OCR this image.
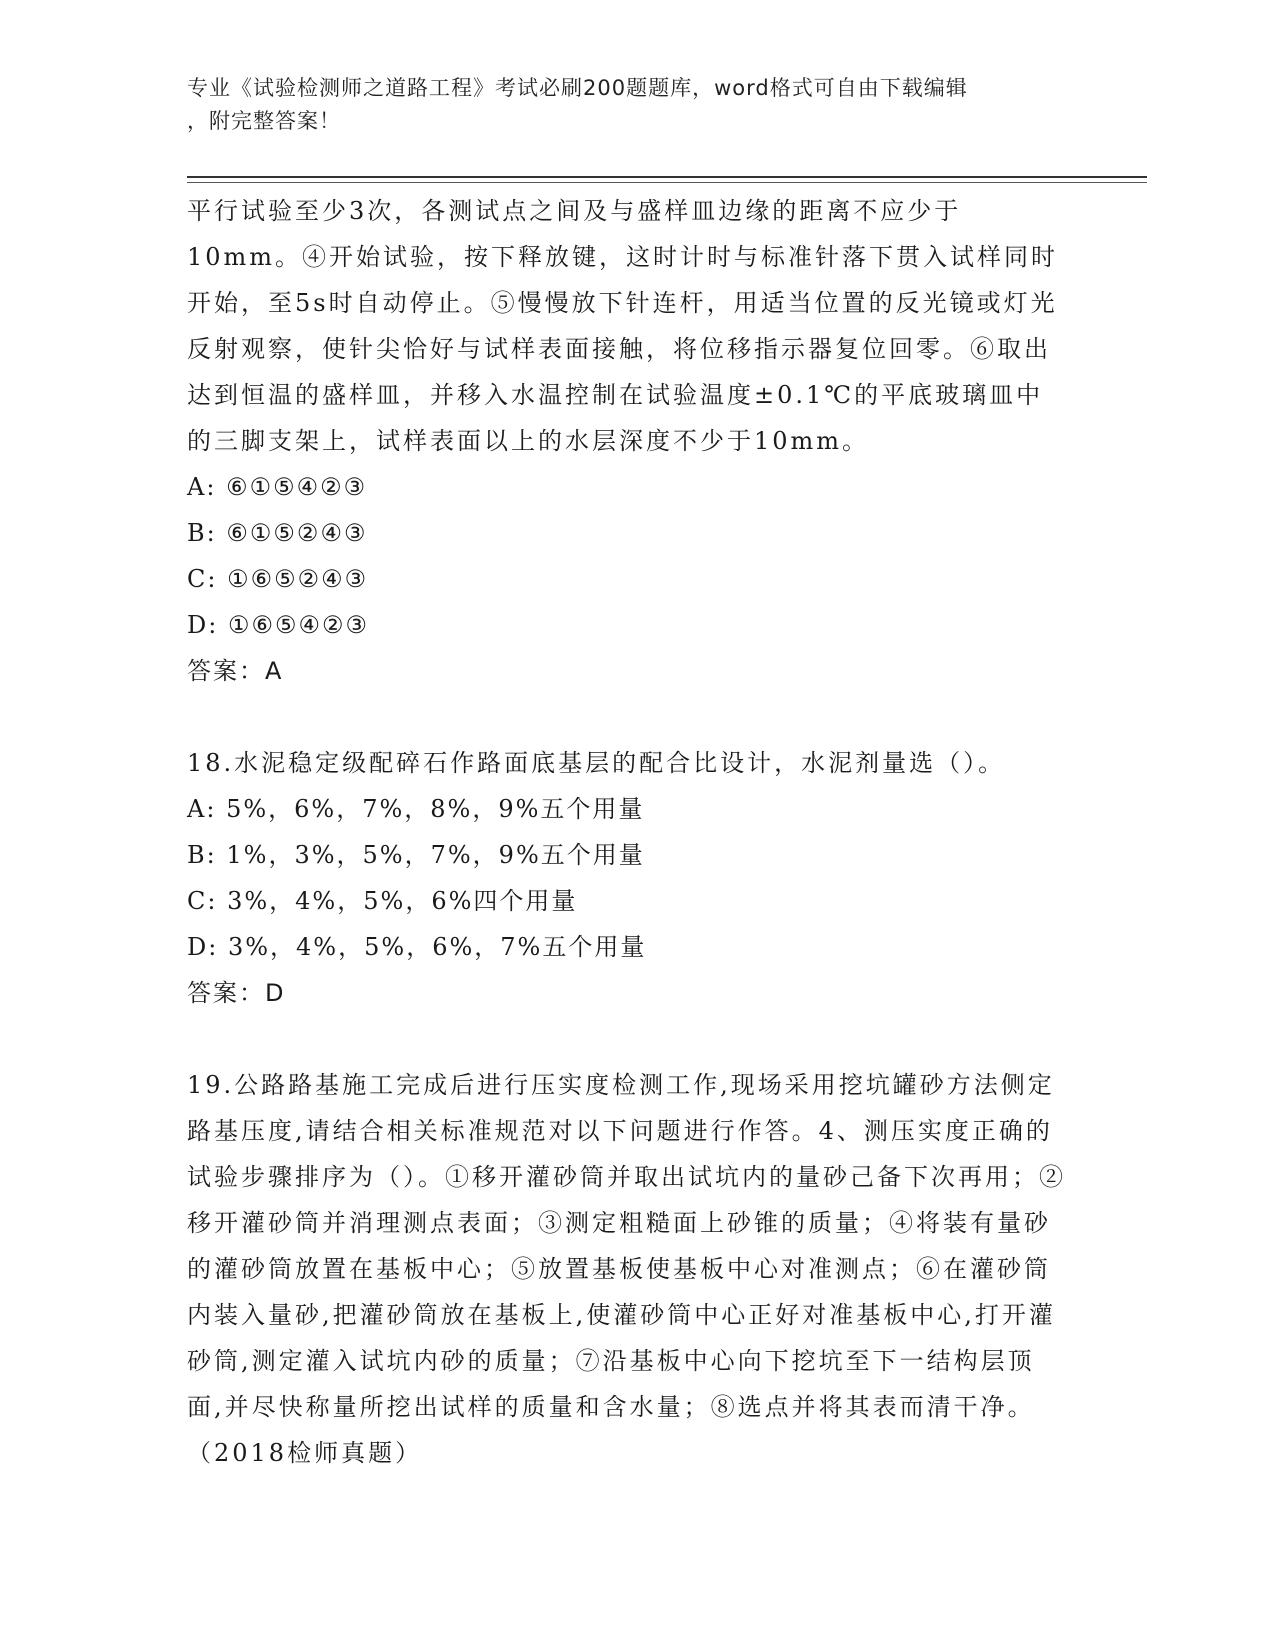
专业《试验检测师之道路工程》考试必刷200题题库，word格式可自由下载编辑
，附完整答案！

平行试验至少3次，各测试点之间及与盛样皿边缘的距离不应少于10mm。④开始试验，按下释放键，这时计时与标准针落下贯入试样同时开始，至5s时自动停止。⑤慢慢放下针连杆，用适当位置的反光镜或灯光反射观察，使针尖恰好与试样表面接触，将位移指示器复位回零。⑥取出达到恒温的盛样皿，并移入水温控制在试验温度±0.1℃的平底玻璃皿中的三脚支架上，试样表面以上的水层深度不少于10mm。

A: ⑥①⑤④②③

B: ⑥①⑤②④③

C: ①⑥⑤②④③

D: ①⑥⑤④②③

答案：A

18.水泥稳定级配碎石作路面底基层的配合比设计，水泥剂量选（）。

A: 5%，6%，7%，8%，9%五个用量

B: 1%，3%，5%，7%，9%五个用量

C: 3%，4%，5%，6%四个用量

D: 3%，4%，5%，6%，7%五个用量

答案：D

19.公路路基施工完成后进行压实度检测工作,现场采用挖坑罐砂方法侧定路基压度,请结合相关标准规范对以下问题进行作答。4、测压实度正确的试验步骤排序为（）。①移开灌砂筒并取出试坑内的量砂己备下次再用；②移开灌砂筒并消理测点表面；③测定粗糙面上砂锥的质量；④将装有量砂的灌砂筒放置在基板中心；⑤放置基板使基板中心对准测点；⑥在灌砂筒内装入量砂,把灌砂筒放在基板上,使灌砂筒中心正好对准基板中心,打开灌砂筒,测定灌入试坑内砂的质量；⑦沿基板中心向下挖坑至下一结构层顶面,并尽快称量所挖出试样的质量和含水量；⑧选点并将其表而清干净。（2018检师真题）
